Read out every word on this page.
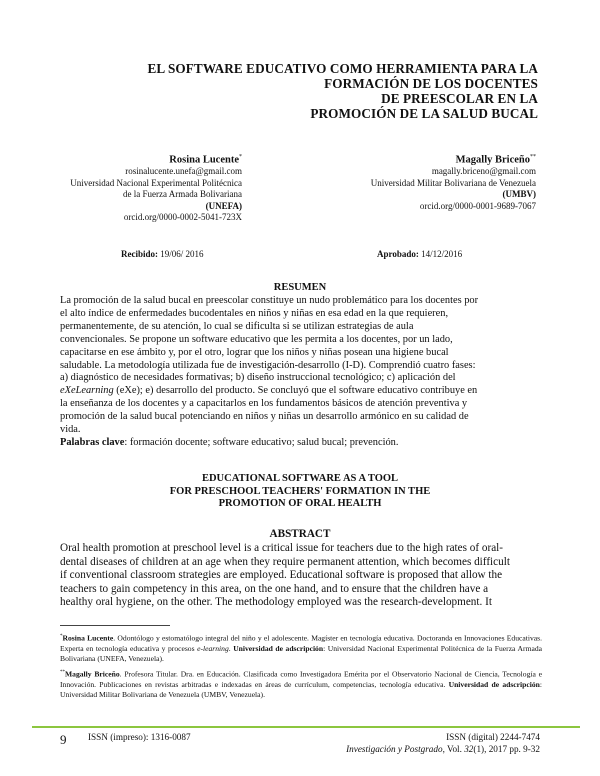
EL SOFTWARE EDUCATIVO COMO HERRAMIENTA PARA LA
FORMACIÓN DE LOS DOCENTES
DE PREESCOLAR EN LA
PROMOCIÓN DE LA SALUD BUCAL
Rosina Lucente*
rosinalucente.unefa@gmail.com
Universidad Nacional Experimental Politécnica
de la Fuerza Armada Bolivariana
(UNEFA)
orcid.org/0000-0002-5041-723X
Magally Briceño**
magally.briceno@gmail.com
Universidad Militar Bolivariana de Venezuela
(UMBV)
orcid.org/0000-0001-9689-7067
Recibido: 19/06/ 2016	Aprobado: 14/12/2016
RESUMEN
La promoción de la salud bucal en preescolar constituye un nudo problemático para los docentes por
el alto índice de enfermedades bucodentales en niños y niñas en esa edad en la que requieren,
permanentemente, de su atención, lo cual se dificulta si se utilizan estrategias de aula
convencionales. Se propone un software educativo que les permita a los docentes, por un lado,
capacitarse en ese ámbito y, por el otro, lograr que los niños y niñas posean una higiene bucal
saludable. La metodología utilizada fue de investigación-desarrollo (I-D). Comprendió cuatro fases:
a) diagnóstico de necesidades formativas; b) diseño instruccional tecnológico; c) aplicación del
eXeLearning (eXe); e) desarrollo del producto. Se concluyó que el software educativo contribuye en
la enseñanza de los docentes y a capacitarlos en los fundamentos básicos de atención preventiva y
promoción de la salud bucal potenciando en niños y niñas un desarrollo armónico en su calidad de
vida.
Palabras clave: formación docente; software educativo; salud bucal; prevención.
EDUCATIONAL SOFTWARE AS A TOOL
FOR PRESCHOOL TEACHERS' FORMATION IN THE
PROMOTION OF ORAL HEALTH
ABSTRACT
Oral health promotion at preschool level is a critical issue for teachers due to the high rates of oral-
dental diseases of children at an age when they require permanent attention, which becomes difficult
if conventional classroom strategies are employed. Educational software is proposed that allow the
teachers to gain competency in this area, on the one hand, and to ensure that the children have a
healthy oral hygiene, on the other. The methodology employed was the research-development. It
*Rosina Lucente. Odontólogo y estomatólogo integral del niño y el adolescente. Magíster en tecnología educativa. Doctoranda en Innovaciones Educativas. Experta en tecnología educativa y procesos e-learning. Universidad de adscripción: Universidad Nacional Experimental Politécnica de la Fuerza Armada Bolivariana (UNEFA, Venezuela).
**Magally Briceño. Profesora Titular. Dra. en Educación. Clasificada como Investigadora Emérita por el Observatorio Nacional de Ciencia, Tecnología e Innovación. Publicaciones en revistas arbitradas e indexadas en áreas de currículum, competencias, tecnología educativa. Universidad de adscripción: Universidad Militar Bolivariana de Venezuela (UMBV, Venezuela).
9 ISSN (impreso): 1316-0087	ISSN (digital) 2244-7474
Investigación y Postgrado, Vol. 32(1), 2017 pp. 9-32
